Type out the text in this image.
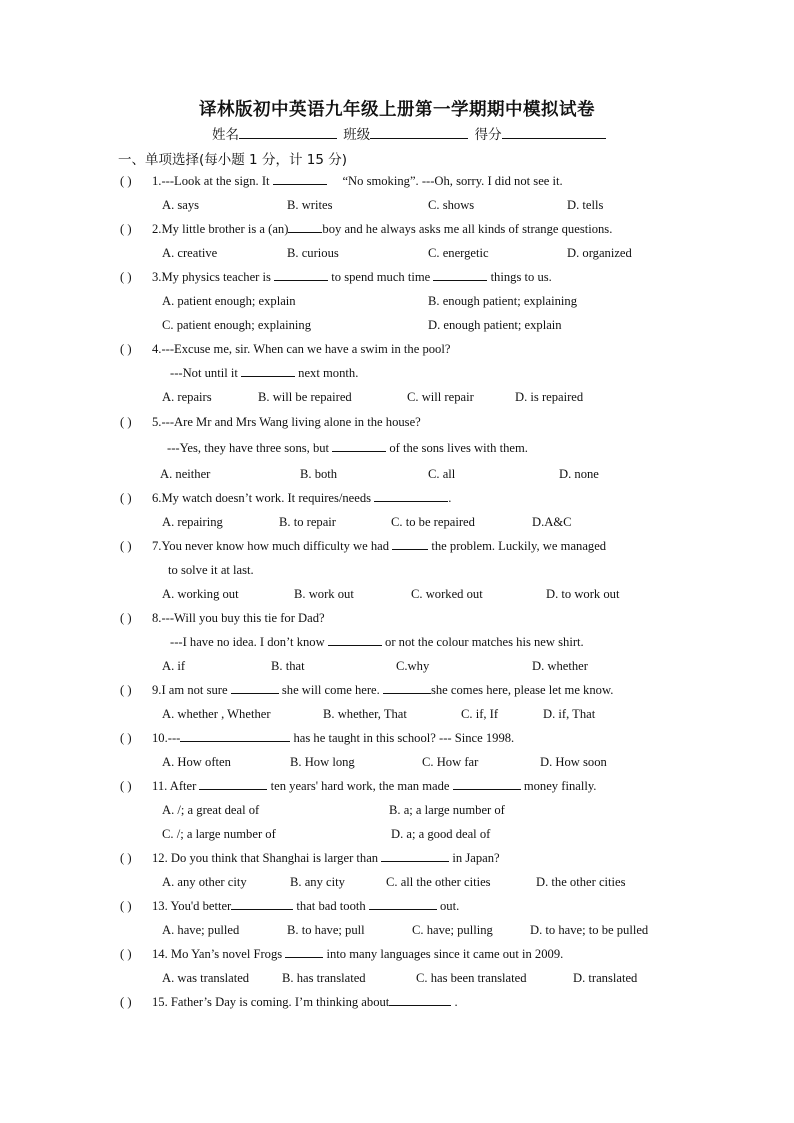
译林版初中英语九年级上册第一学期期中模拟试卷
姓名	班级	得分
一、单项选择(每小题 1 分，计 15 分)
( ) 1.---Look at the sign. It	“No smoking”. ---Oh, sorry. I did not see it.
A. says	B. writes	C. shows	D. tells
( ) 2.My little brother is a (an)	boy and he always asks me all kinds of strange questions.
A. creative	B. curious	C. energetic	D. organized
( ) 3.My physics teacher is	to spend much time	things to us.
A. patient enough; explain	B. enough patient; explaining
C. patient enough; explaining	D. enough patient; explain
( ) 4.---Excuse me, sir. When can we have a swim in the pool?
---Not until it	next month.
A. repairs	B. will be repaired	C. will repair	D. is repaired
( ) 5.---Are Mr and Mrs Wang living alone in the house?
---Yes, they have three sons, but	of the sons lives with them.
A. neither	B. both	C. all	D. none
( ) 6.My watch doesn’t work. It requires/needs	.
A. repairing	B. to repair	C. to be repaired	D.A&C
( ) 7.You never know how much difficulty we had	the problem. Luckily, we managed
to solve it at last.
A. working out	B. work out	C. worked out	D. to work out
( ) 8.---Will you buy this tie for Dad?
---I have no idea. I don’t know	or not the colour matches his new shirt.
A. if	B. that	C.why	D. whether
( ) 9.I am not sure	she will come here.	she comes here, please let me know.
A. whether , Whether	B. whether, That	C. if, If	D. if, That
( ) 10.---	has he taught in this school? --- Since 1998.
A. How often	B. How long	C. How far	D. How soon
( ) 11. After	ten years' hard work, the man made	money finally.
A. /; a great deal of	B. a; a large number of
C. /; a large number of	D. a; a good deal of
( ) 12. Do you think that Shanghai is larger than	in Japan?
A. any other city	B. any city	C. all the other cities	D. the other cities
( ) 13. You'd better	that bad tooth	out.
A. have; pulled	B. to have; pull	C. have; pulling	D. to have; to be pulled
( ) 14. Mo Yan’s novel Frogs	into many languages since it came out in 2009.
A. was translated	B. has translated	C. has been translated	D. translated
( ) 15. Father’s Day is coming. I’m thinking about	.
